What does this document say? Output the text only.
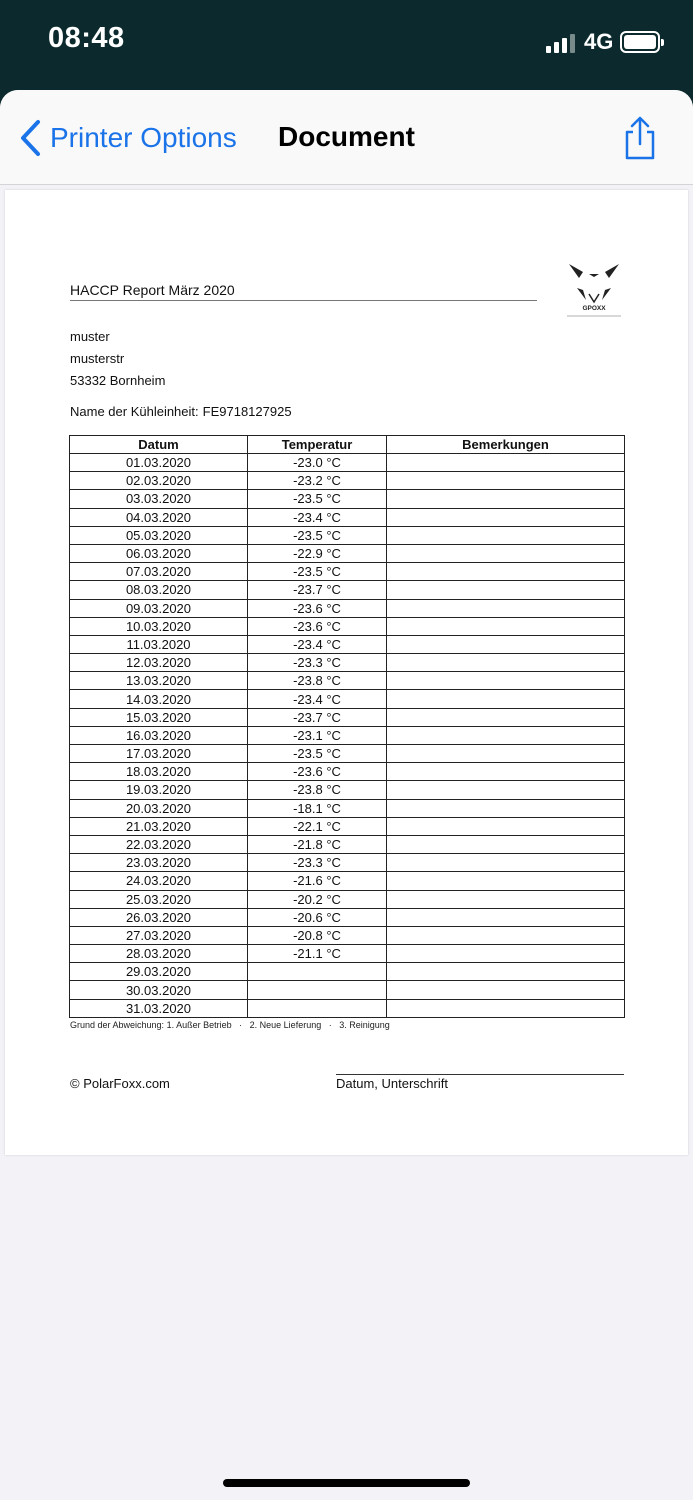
08:48	4G
Printer Options Document
HACCP Report März 2020
GPOXX
muster
musterstr
53332 Bornheim
Name der Kühleinheit: FE9718127925
Datum	Temperatur	Bemerkungen
01.03.2020	-23.0 °C	
02.03.2020	-23.2 °C	
03.03.2020	-23.5 °C	
04.03.2020	-23.4 °C	
05.03.2020	-23.5 °C	
06.03.2020	-22.9 °C	
07.03.2020	-23.5 °C	
08.03.2020	-23.7 °C	
09.03.2020	-23.6 °C	
10.03.2020	-23.6 °C	
11.03.2020	-23.4 °C	
12.03.2020	-23.3 °C	
13.03.2020	-23.8 °C	
14.03.2020	-23.4 °C	
15.03.2020	-23.7 °C	
16.03.2020	-23.1 °C	
17.03.2020	-23.5 °C	
18.03.2020	-23.6 °C	
19.03.2020	-23.8 °C	
20.03.2020	-18.1 °C	
21.03.2020	-22.1 °C	
22.03.2020	-21.8 °C	
23.03.2020	-23.3 °C	
24.03.2020	-21.6 °C	
25.03.2020	-20.2 °C	
26.03.2020	-20.6 °C	
27.03.2020	-20.8 °C	
28.03.2020	-21.1 °C	
29.03.2020		
30.03.2020		
31.03.2020		
Grund der Abweichung: 1. Außer Betrieb · 2. Neue Lieferung · 3. Reinigung
© PolarFoxx.com	Datum, Unterschrift
